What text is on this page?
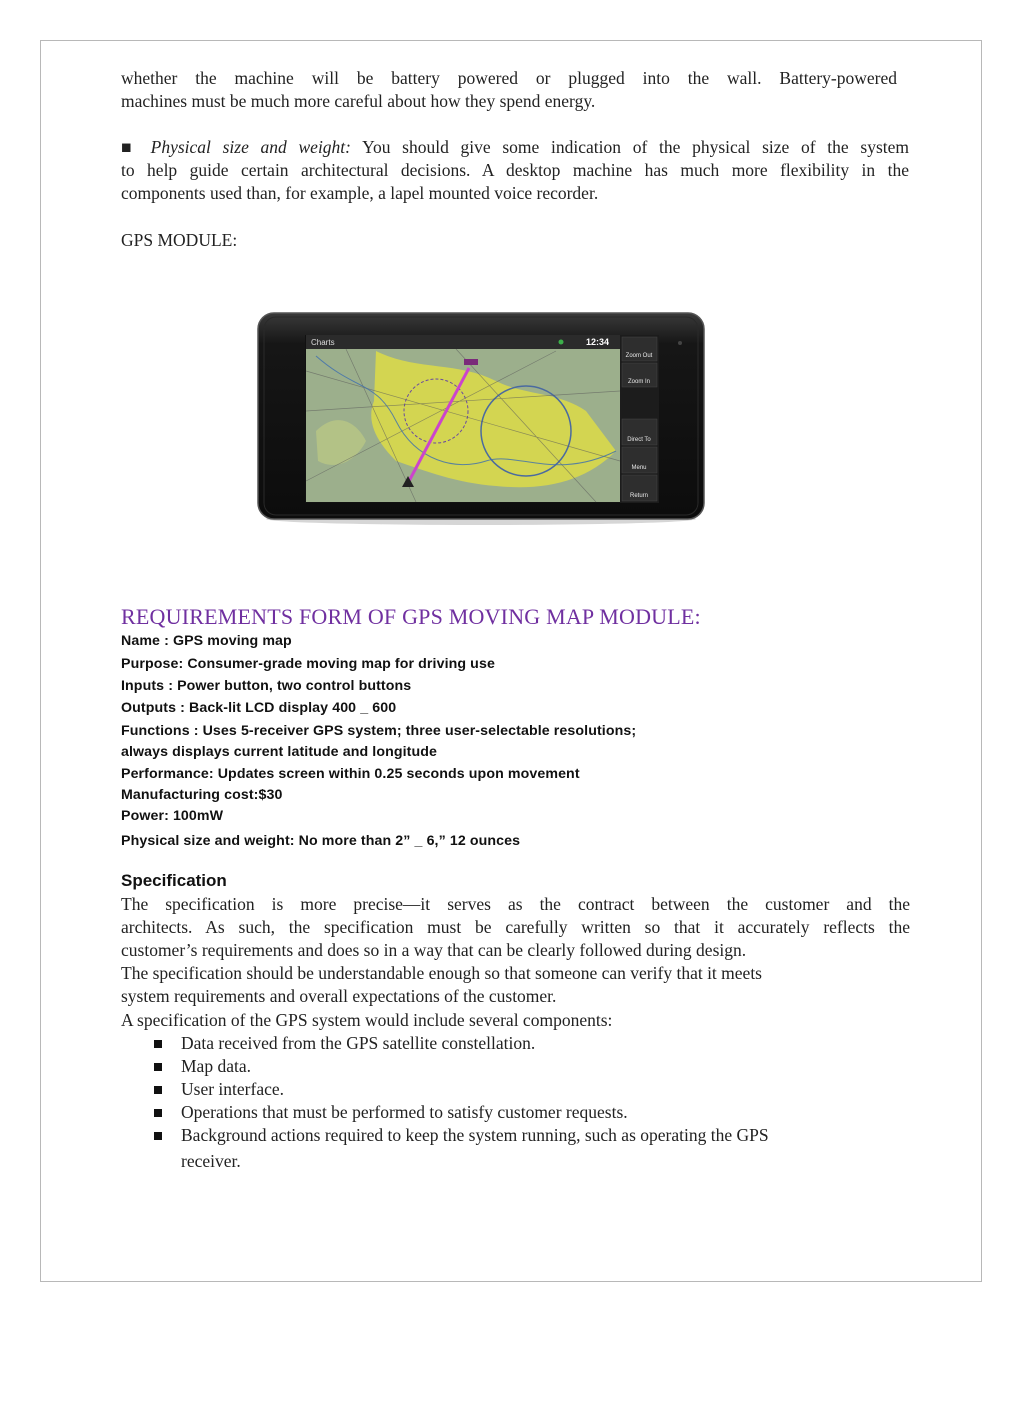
whether the machine will be battery powered or plugged into the wall. Battery-powered
machines must be much more careful about how they spend energy.
■ Physical size and weight: You should give some indication of the physical size of the system
to help guide certain architectural decisions. A desktop machine has much more flexibility in the
components used than, for example, a lapel mounted voice recorder.
GPS MODULE:
Charts	12:34
Zoom Out
Zoom In
Direct To
Menu
Return
REQUIREMENTS FORM OF GPS MOVING MAP MODULE:
Name : GPS moving map
Purpose: Consumer-grade moving map for driving use
Inputs : Power button, two control buttons
Outputs : Back-lit LCD display 400 _ 600
Functions : Uses 5-receiver GPS system; three user-selectable resolutions;
always displays current latitude and longitude
Performance: Updates screen within 0.25 seconds upon movement
Manufacturing cost:$30
Power: 100mW
Physical size and weight: No more than 2” _ 6,” 12 ounces
Specification
The specification is more precise—it serves as the contract between the customer and the
architects. As such, the specification must be carefully written so that it accurately reflects the
customer’s requirements and does so in a way that can be clearly followed during design.
The specification should be understandable enough so that someone can verify that it meets
system requirements and overall expectations of the customer.
A specification of the GPS system would include several components:
Data received from the GPS satellite constellation.
Map data.
User interface.
Operations that must be performed to satisfy customer requests.
Background actions required to keep the system running, such as operating the GPS
receiver.
